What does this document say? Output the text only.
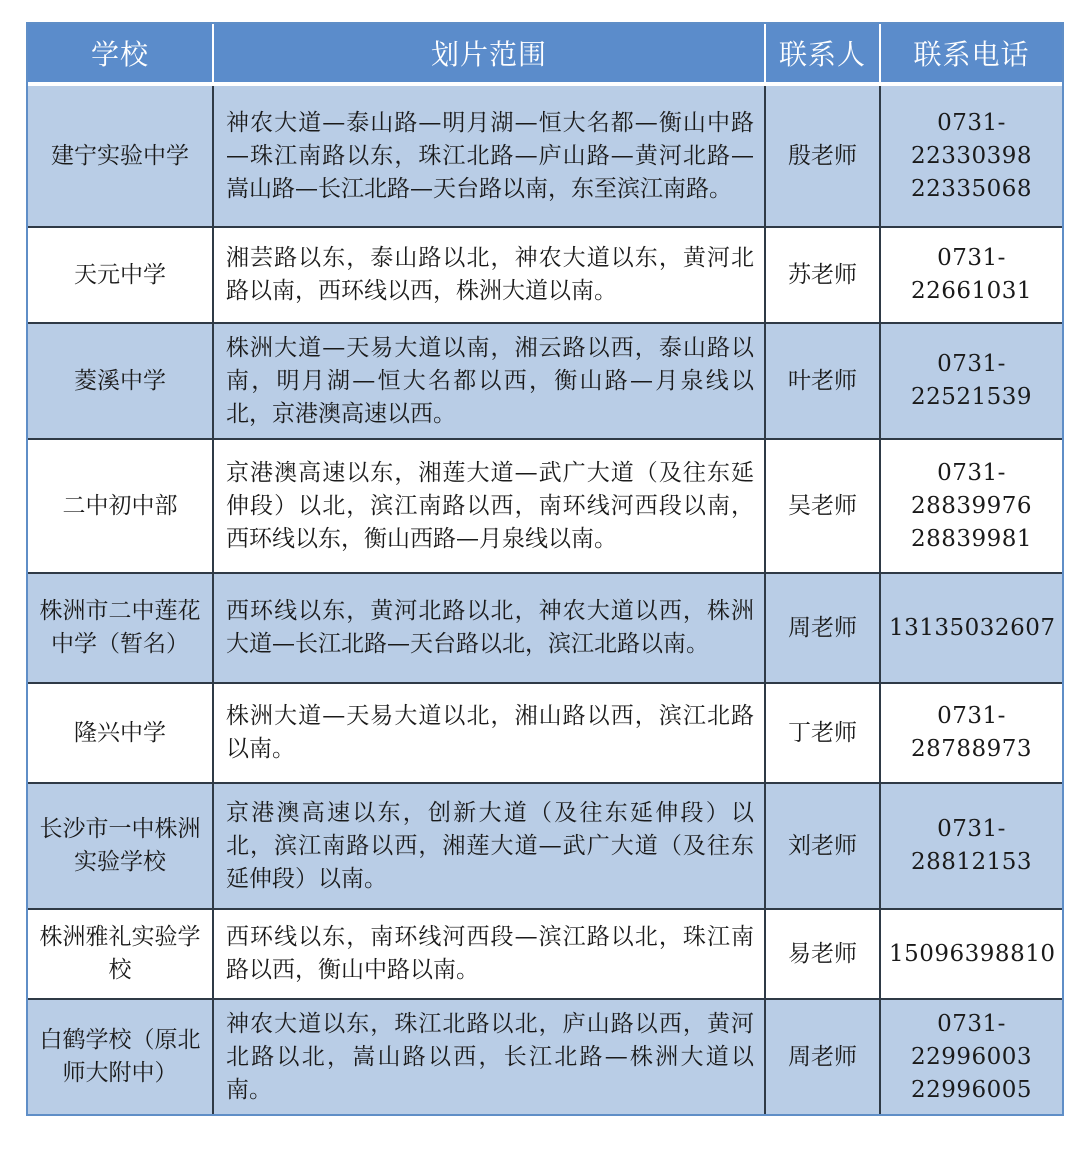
学校	划片范围	联系人	联系电话
建宁实验中学	神农大道—泰山路—明月湖—恒大名都—衡山中路—珠江南路以东，珠江北路—庐山路—黄河北路—嵩山路—长江北路—天台路以南，东至滨江南路。	殷老师	0731-
22330398
22335068

天元中学	湘芸路以东，泰山路以北，神农大道以东，黄河北路以南，西环线以西，株洲大道以南。	苏老师	0731-
22661031

菱溪中学	株洲大道—天易大道以南，湘云路以西，泰山路以南，明月湖—恒大名都以西，衡山路—月泉线以北，京港澳高速以西。	叶老师	0731-
22521539

二中初中部	京港澳高速以东，湘莲大道—武广大道（及往东延伸段）以北，滨江南路以西，南环线河西段以南，西环线以东，衡山西路—月泉线以南。	吴老师	0731-
28839976
28839981

株洲市二中莲花中学（暂名）	西环线以东，黄河北路以北，神农大道以西，株洲大道—长江北路—天台路以北，滨江北路以南。	周老师	13135032607

隆兴中学	株洲大道—天易大道以北，湘山路以西，滨江北路以南。	丁老师	0731-
28788973

长沙市一中株洲实验学校	京港澳高速以东，创新大道（及往东延伸段）以北，滨江南路以西，湘莲大道—武广大道（及往东延伸段）以南。	刘老师	0731-
28812153

株洲雅礼实验学校	西环线以东，南环线河西段—滨江路以北，珠江南路以西，衡山中路以南。	易老师	15096398810

白鹤学校（原北师大附中）	神农大道以东，珠江北路以北，庐山路以西，黄河北路以北，嵩山路以西，长江北路—株洲大道以南。	周老师	0731-
22996003
22996005
